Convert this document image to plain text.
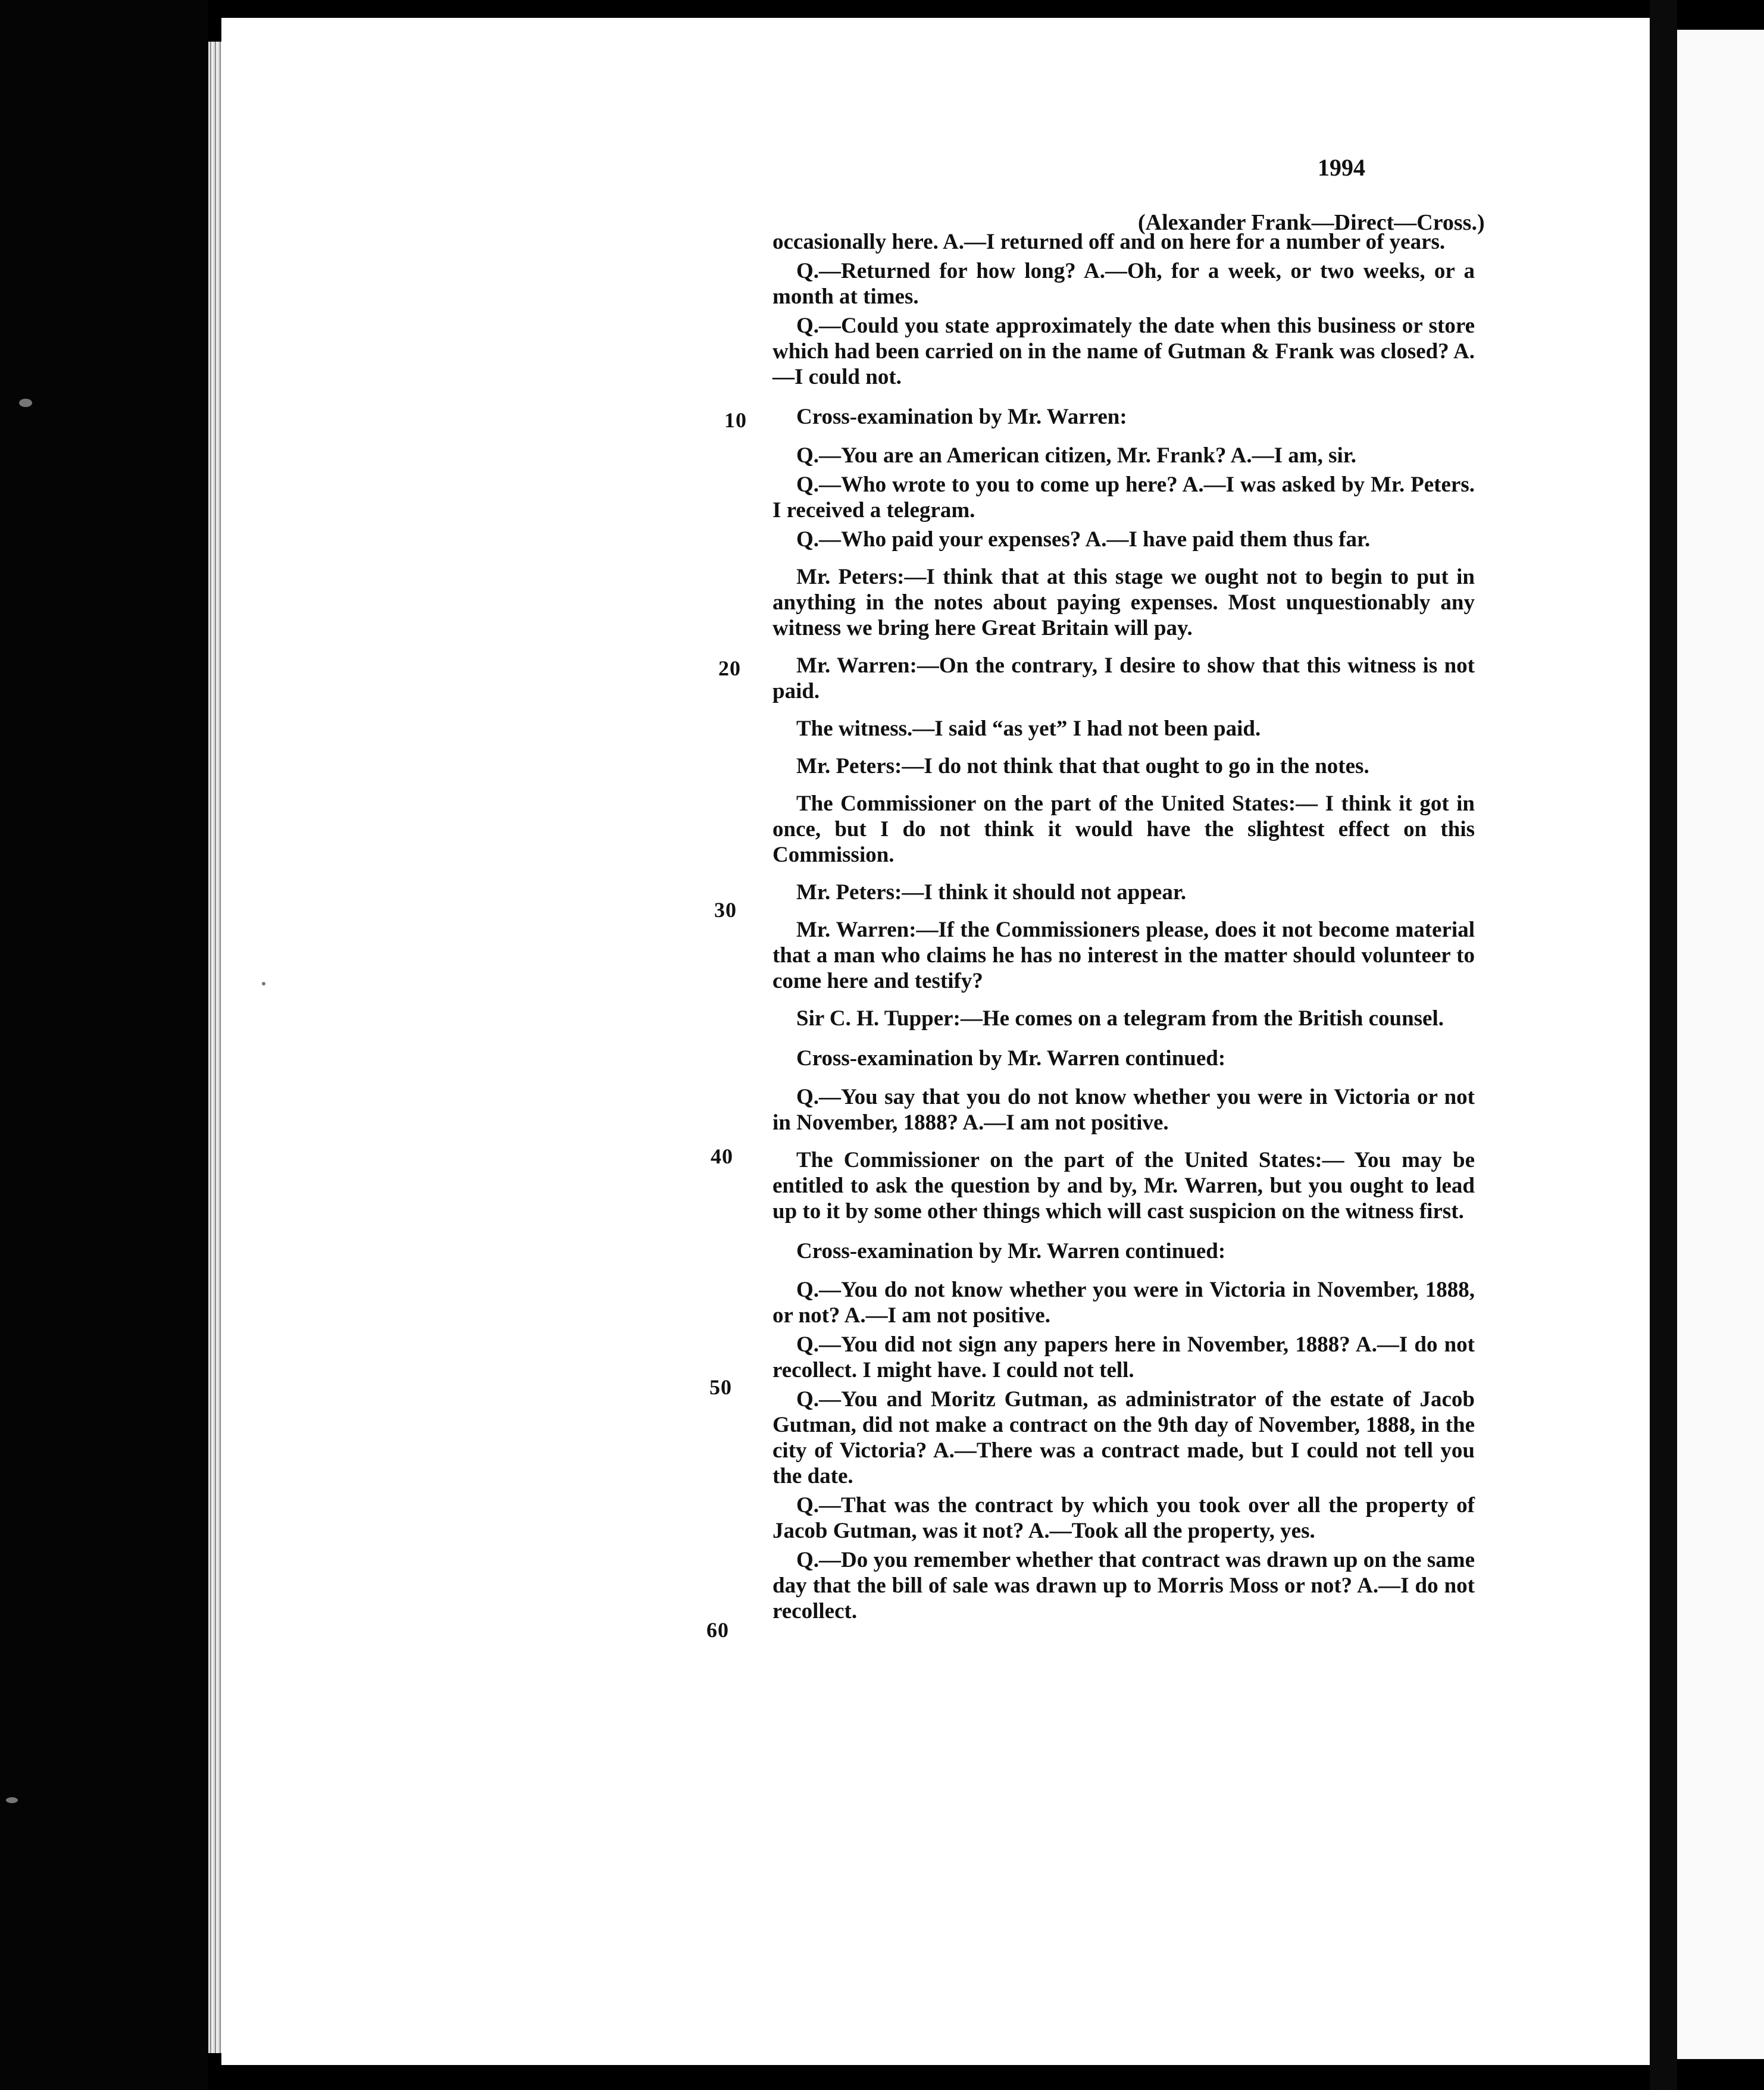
1994
(Alexander Frank—Direct—Cross.)
10
20
30
40
50
60

occasionally here. A.—I returned off and on here for a number of years.

Q.—Returned for how long? A.—Oh, for a week, or two weeks, or a month at times.

Q.—Could you state approximately the date when this business or store which had been carried on in the name of Gutman & Frank was closed? A.—I could not.

Cross-examination by Mr. Warren:

Q.—You are an American citizen, Mr. Frank? A.—I am, sir.

Q.—Who wrote to you to come up here? A.—I was asked by Mr. Peters. I received a telegram.

Q.—Who paid your expenses? A.—I have paid them thus far.

Mr. Peters:—I think that at this stage we ought not to begin to put in anything in the notes about paying expenses. Most unquestionably any witness we bring here Great Britain will pay.

Mr. Warren:—On the contrary, I desire to show that this witness is not paid.

The witness.—I said “as yet” I had not been paid.

Mr. Peters:—I do not think that that ought to go in the notes.

The Commissioner on the part of the United States:— I think it got in once, but I do not think it would have the slightest effect on this Commission.

Mr. Peters:—I think it should not appear.

Mr. Warren:—If the Commissioners please, does it not become material that a man who claims he has no interest in the matter should volunteer to come here and testify?

Sir C. H. Tupper:—He comes on a telegram from the British counsel.

Cross-examination by Mr. Warren continued:

Q.—You say that you do not know whether you were in Victoria or not in November, 1888? A.—I am not positive.

The Commissioner on the part of the United States:— You may be entitled to ask the question by and by, Mr. Warren, but you ought to lead up to it by some other things which will cast suspicion on the witness first.

Cross-examination by Mr. Warren continued:

Q.—You do not know whether you were in Victoria in November, 1888, or not? A.—I am not positive.

Q.—You did not sign any papers here in November, 1888? A.—I do not recollect. I might have. I could not tell.

Q.—You and Moritz Gutman, as administrator of the estate of Jacob Gutman, did not make a contract on the 9th day of November, 1888, in the city of Victoria? A.—There was a contract made, but I could not tell you the date.

Q.—That was the contract by which you took over all the property of Jacob Gutman, was it not? A.—Took all the property, yes.

Q.—Do you remember whether that contract was drawn up on the same day that the bill of sale was drawn up to Morris Moss or not? A.—I do not recollect.
